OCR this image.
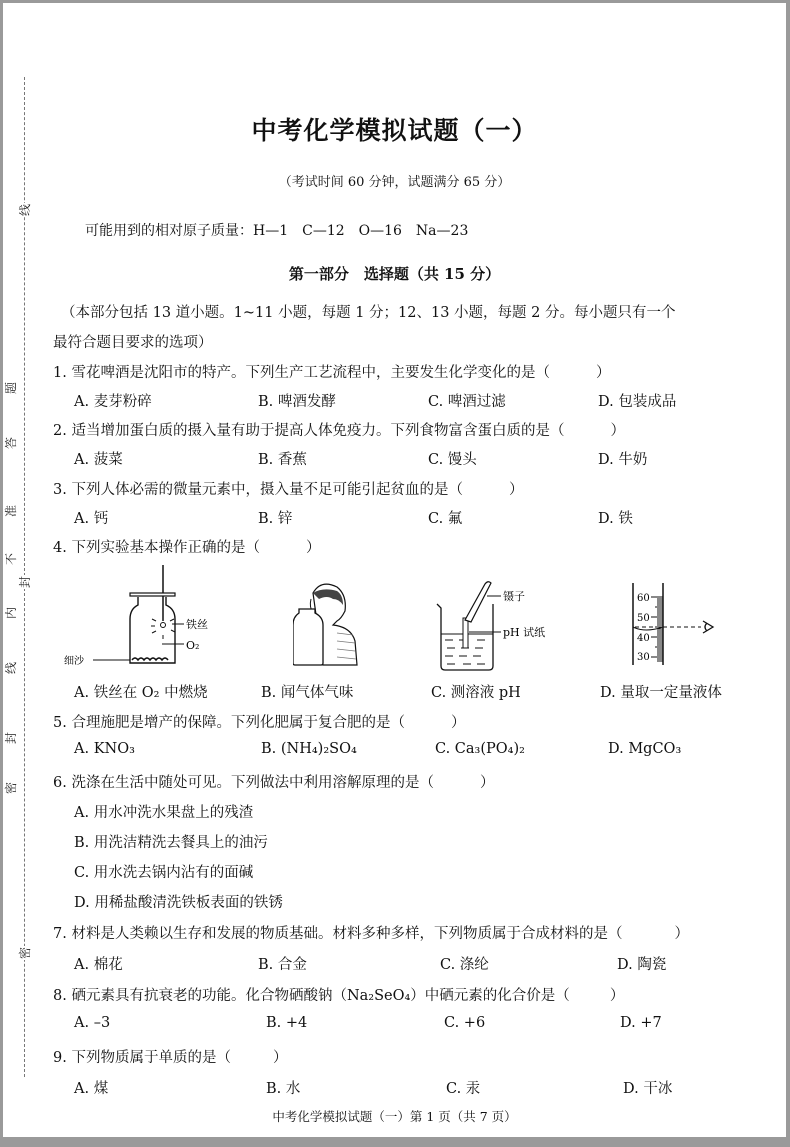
线
封
密
密
封
线
内
不
准
答
题
中考化学模拟试题（一）
（考试时间 60 分钟，试题满分 65 分）
可能用到的相对原子质量：H—1　C—12　O—16　Na—23
第一部分　选择题（共 15 分）
（本部分包括 13 道小题。1~11 小题，每题 1 分；12、13 小题，每题 2 分。每小题只有一个
最符合题目要求的选项）
1. 雪花啤酒是沈阳市的特产。下列生产工艺流程中，主要发生化学变化的是（	）
A. 麦芽粉碎	B. 啤酒发酵	C. 啤酒过滤	D. 包装成品
2. 适当增加蛋白质的摄入量有助于提高人体免疫力。下列食物富含蛋白质的是（	）
A. 菠菜	B. 香蕉	C. 馒头	D. 牛奶
3. 下列人体必需的微量元素中，摄入量不足可能引起贫血的是（	）
A. 钙	B. 锌	C. 氟	D. 铁
4. 下列实验基本操作正确的是（	）
铁丝
O₂
细沙
镊子
pH 试纸
60
50
40
30
A. 铁丝在 O₂ 中燃烧	B. 闻气体气味	C. 测溶液 pH	D. 量取一定量液体
5. 合理施肥是增产的保障。下列化肥属于复合肥的是（	）
A. KNO₃	B. (NH₄)₂SO₄	C. Ca₃(PO₄)₂	D. MgCO₃
6. 洗涤在生活中随处可见。下列做法中利用溶解原理的是（	）
A. 用水冲洗水果盘上的残渣
B. 用洗洁精洗去餐具上的油污
C. 用水洗去锅内沾有的面碱
D. 用稀盐酸清洗铁板表面的铁锈
7. 材料是人类赖以生存和发展的物质基础。材料多种多样，下列物质属于合成材料的是（	）
A. 棉花	B. 合金	C. 涤纶	D. 陶瓷
8. 硒元素具有抗衰老的功能。化合物硒酸钠（Na₂SeO₄）中硒元素的化合价是（	）
A. –3	B. +4	C. +6	D. +7
9. 下列物质属于单质的是（	）
A. 煤	B. 水	C. 汞	D. 干冰
中考化学模拟试题（一）第 1 页（共 7 页）
